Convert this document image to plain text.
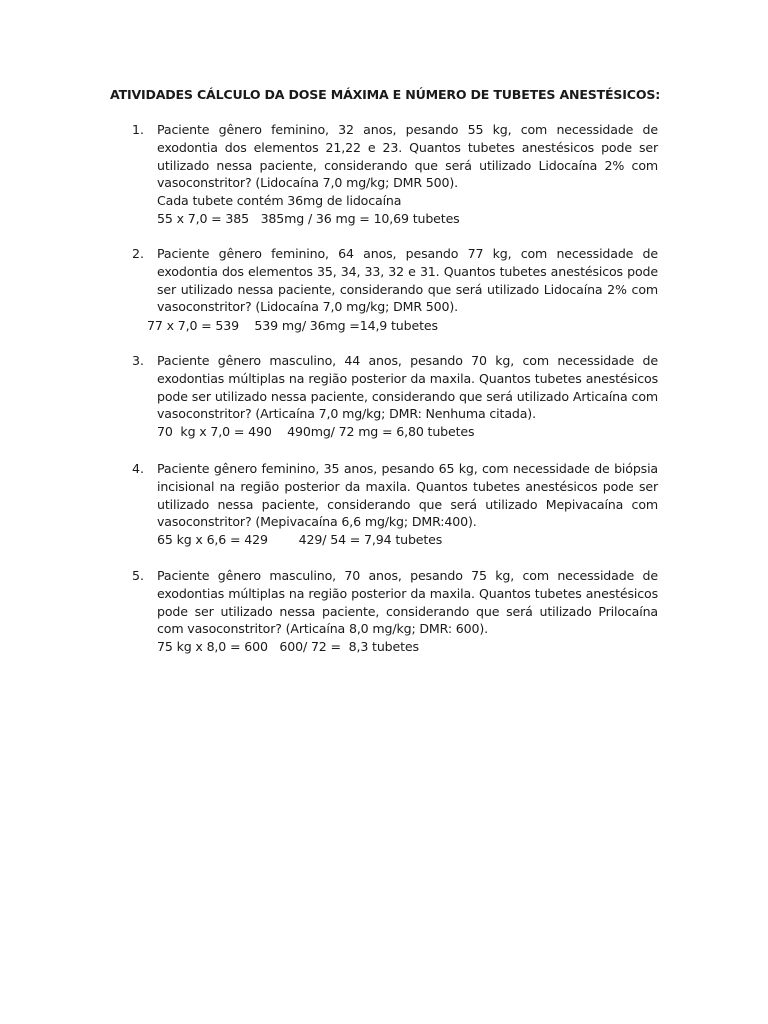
ATIVIDADES CÁLCULO DA DOSE MÁXIMA E NÚMERO DE TUBETES ANESTÉSICOS:
1.	Paciente gênero feminino, 32 anos, pesando 55 kg, com necessidade de exodontia dos elementos 21,22 e 23. Quantos tubetes anestésicos pode ser utilizado nessa paciente, considerando que será utilizado Lidocaína 2% com vasoconstritor? (Lidocaína 7,0 mg/kg; DMR 500).
Cada tubete contém 36mg de lidocaína
55 x 7,0 = 385   385mg / 36 mg = 10,69 tubetes
2.	Paciente gênero feminino, 64 anos, pesando 77 kg, com necessidade de exodontia dos elementos 35, 34, 33, 32 e 31. Quantos tubetes anestésicos pode ser utilizado nessa paciente, considerando que será utilizado Lidocaína 2% com vasoconstritor? (Lidocaína 7,0 mg/kg; DMR 500).
77 x 7,0 = 539    539 mg/ 36mg =14,9 tubetes
3.	Paciente gênero masculino, 44 anos, pesando 70 kg, com necessidade de exodontias múltiplas na região posterior da maxila. Quantos tubetes anestésicos pode ser utilizado nessa paciente, considerando que será utilizado Articaína com vasoconstritor? (Articaína 7,0 mg/kg; DMR: Nenhuma citada).
70  kg x 7,0 = 490    490mg/ 72 mg = 6,80 tubetes
4.	Paciente gênero feminino, 35 anos, pesando 65 kg, com necessidade de biópsia incisional na região posterior da maxila. Quantos tubetes anestésicos pode ser utilizado nessa paciente, considerando que será utilizado Mepivacaína com vasoconstritor? (Mepivacaína 6,6 mg/kg; DMR:400).
65 kg x 6,6 = 429        429/ 54 = 7,94 tubetes
5.	Paciente gênero masculino, 70 anos, pesando 75 kg, com necessidade de exodontias múltiplas na região posterior da maxila. Quantos tubetes anestésicos pode ser utilizado nessa paciente, considerando que será utilizado Prilocaína com vasoconstritor? (Articaína 8,0 mg/kg; DMR: 600).
75 kg x 8,0 = 600   600/ 72 =  8,3 tubetes
